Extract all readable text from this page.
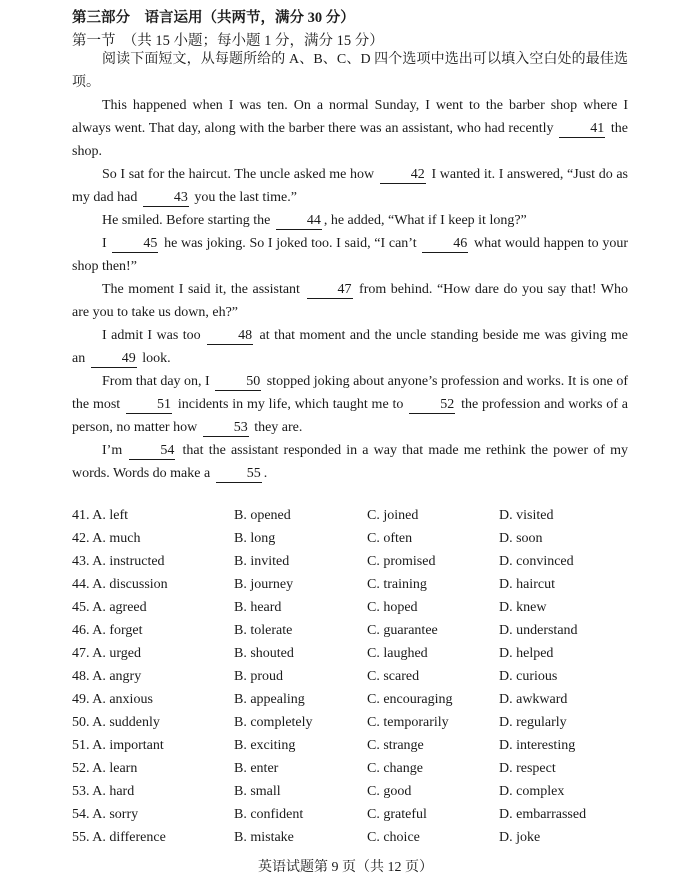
第三部分　语言运用（共两节，满分 30 分）
第一节　（共 15 小题；每小题 1 分，满分 15 分）

阅读下面短文，从每题所给的 A、B、C、D 四个选项中选出可以填入空白处的最佳选项。

This happened when I was ten. On a normal Sunday, I went to the barber shop where I always went. That day, along with the barber there was an assistant, who had recently 41 the shop.

So I sat for the haircut. The uncle asked me how 42 I wanted it. I answered, “Just do as my dad had 43 you the last time.”

He smiled. Before starting the 44 , he added, “What if I keep it long?”

I 45 he was joking. So I joked too. I said, “I can’t 46 what would happen to your shop then!”

The moment I said it, the assistant 47 from behind. “How dare do you say that! Who are you to take us down, eh?”

I admit I was too 48 at that moment and the uncle standing beside me was giving me an 49 look.

From that day on, I 50 stopped joking about anyone’s profession and works. It is one of the most 51 incidents in my life, which taught me to 52 the profession and works of a person, no matter how 53 they are.

I’m 54 that the assistant responded in a way that made me rethink the power of my words. Words do make a 55 .

41. A. left	B. opened	C. joined	D. visited
42. A. much	B. long	C. often	D. soon
43. A. instructed	B. invited	C. promised	D. convinced
44. A. discussion	B. journey	C. training	D. haircut
45. A. agreed	B. heard	C. hoped	D. knew
46. A. forget	B. tolerate	C. guarantee	D. understand
47. A. urged	B. shouted	C. laughed	D. helped
48. A. angry	B. proud	C. scared	D. curious
49. A. anxious	B. appealing	C. encouraging	D. awkward
50. A. suddenly	B. completely	C. temporarily	D. regularly
51. A. important	B. exciting	C. strange	D. interesting
52. A. learn	B. enter	C. change	D. respect
53. A. hard	B. small	C. good	D. complex
54. A. sorry	B. confident	C. grateful	D. embarrassed
55. A. difference	B. mistake	C. choice	D. joke
英语试题第 9 页（共 12 页）
